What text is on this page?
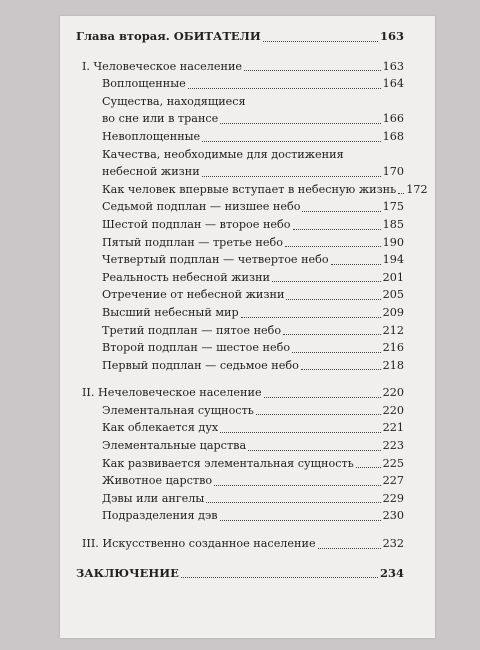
Глава вторая. ОБИТАТЕЛИ	163
I. Человеческое население	163
Воплощенные	164
Существа, находящиеся
во сне или в трансе	166
Невоплощенные	168
Качества, необходимые для достижения
небесной жизни	170
Как человек впервые вступает в небесную жизнь 172
Седьмой подплан — низшее небо	175
Шестой подплан — второе небо	185
Пятый подплан — третье небо	190
Четвертый подплан — четвертое небо	194
Реальность небесной жизни	201
Отречение от небесной жизни	205
Высший небесный мир	209
Третий подплан — пятое небо	212
Второй подплан — шестое небо	216
Первый подплан — седьмое небо	218
II. Нечеловеческое население	220
Элементальная сущность	220
Как облекается дух	221
Элементальные царства	223
Как развивается элементальная сущность	225
Животное царство	227
Дэвы или ангелы	229
Подразделения дэв	230
III. Искусственно созданное население	232
ЗАКЛЮЧЕНИЕ	234
